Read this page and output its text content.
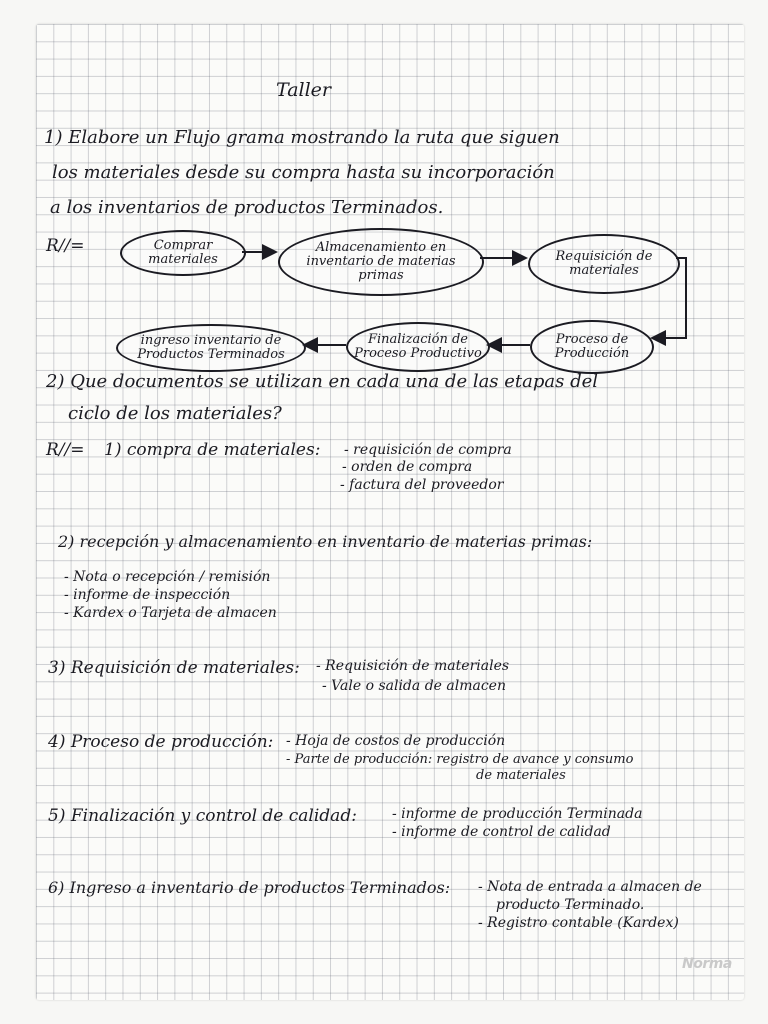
Taller
1) Elabore un Flujo grama mostrando la ruta que siguen
los materiales desde su compra hasta su incorporación
a los inventarios de productos Terminados.
R//=	Comprar
materiales
Almacenamiento en
inventario de materias
primas
Requisición de
materiales
Proceso de
Producción
Finalización de
Proceso Productivo
ingreso inventario de
Productos Terminados
2) Que documentos se utilizan en cada una de las etapas del
ciclo de los materiales?
R//= 1) compra de materiales: - requisición de compra
- orden de compra
- factura del proveedor
2) recepción y almacenamiento en inventario de materias primas:
- Nota o recepción / remisión
- informe de inspección
- Kardex o Tarjeta de almacen
3) Requisición de materiales: - Requisición de materiales
- Vale o salida de almacen
4) Proceso de producción: - Hoja de costos de producción
- Parte de producción: registro de avance y consumo
de materiales
5) Finalización y control de calidad:	- informe de producción Terminada
- informe de control de calidad
6) Ingreso a inventario de productos Terminados: - Nota de entrada a almacen de
producto Terminado.
- Registro contable (Kardex)
Norma
